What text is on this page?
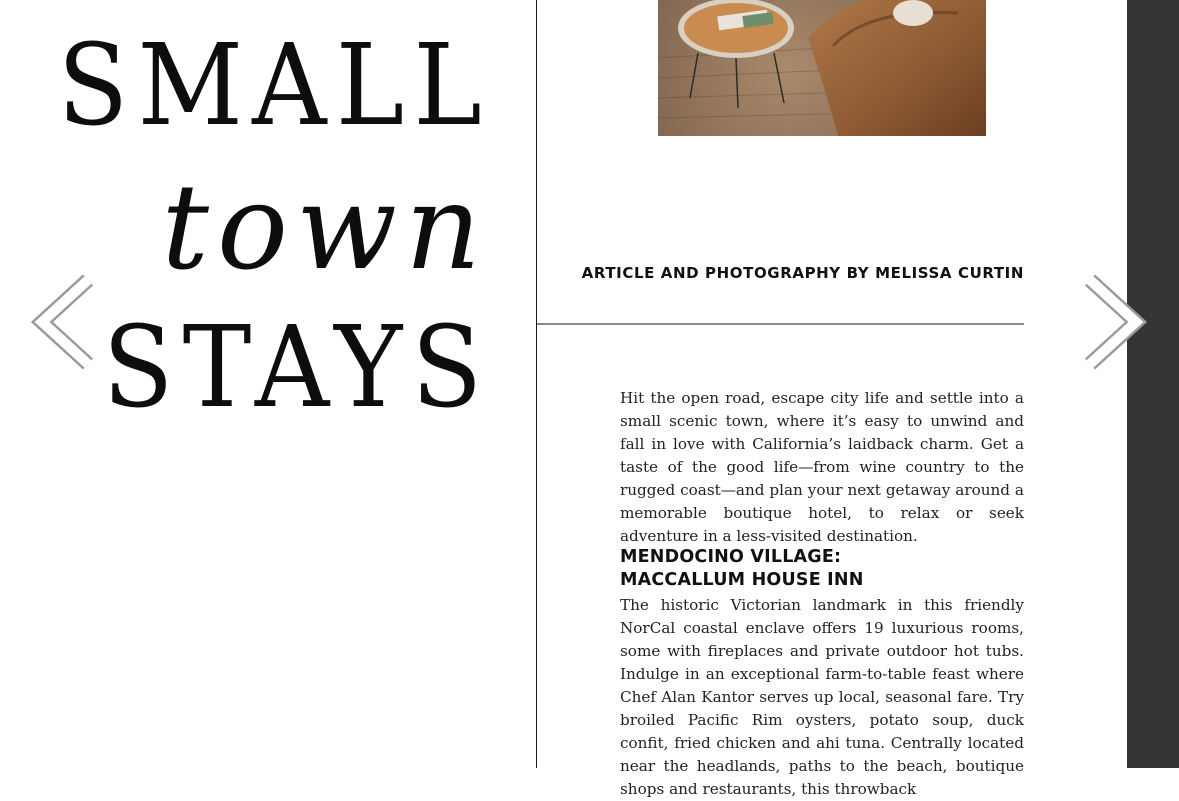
SMALL
town
STAYS
ARTICLE AND PHOTOGRAPHY BY MELISSA CURTIN

Hit the open road, escape city life and settle into a small scenic town, where it’s easy to unwind and fall in love with California’s laidback charm. Get a taste of the good life—from wine country to the rugged coast—and plan your next getaway around a memorable boutique hotel, to relax or seek adventure in a less-visited destination.

MENDOCINO VILLAGE:
MACCALLUM HOUSE INN

The historic Victorian landmark in this friendly NorCal coastal enclave offers 19 luxurious rooms, some with fireplaces and private outdoor hot tubs. Indulge in an exceptional farm-to-table feast where Chef Alan Kantor serves up local, seasonal fare. Try broiled Pacific Rim oysters, potato soup, duck confit, fried chicken and ahi tuna. Centrally located near the headlands, paths to the beach, boutique shops and restaurants, this throwback
